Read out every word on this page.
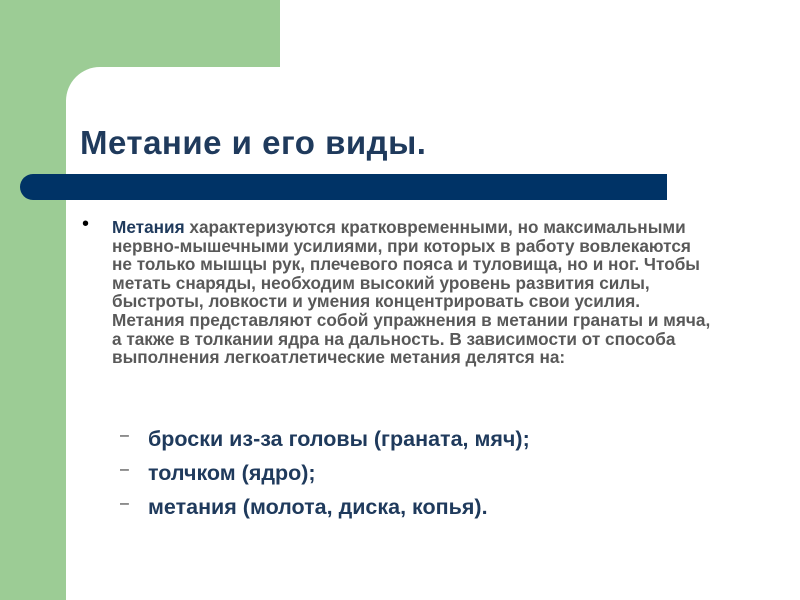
Метание и его виды.
• Метания характеризуются кратковременными, но максимальными нервно-мышечными усилиями, при которых в работу вовлекаются не только мышцы рук, плечевого пояса и туловища, но и ног. Чтобы метать снаряды, необходим высокий уровень развития силы, быстроты, ловкости и умения концентрировать свои усилия. Метания представляют собой упражнения в метании гранаты и мяча, а также в толкании ядра на дальность. В зависимости от способа выполнения легкоатлетические метания делятся на:

– броски из-за головы (граната, мяч);
– толчком (ядро);
– метания (молота, диска, копья).
